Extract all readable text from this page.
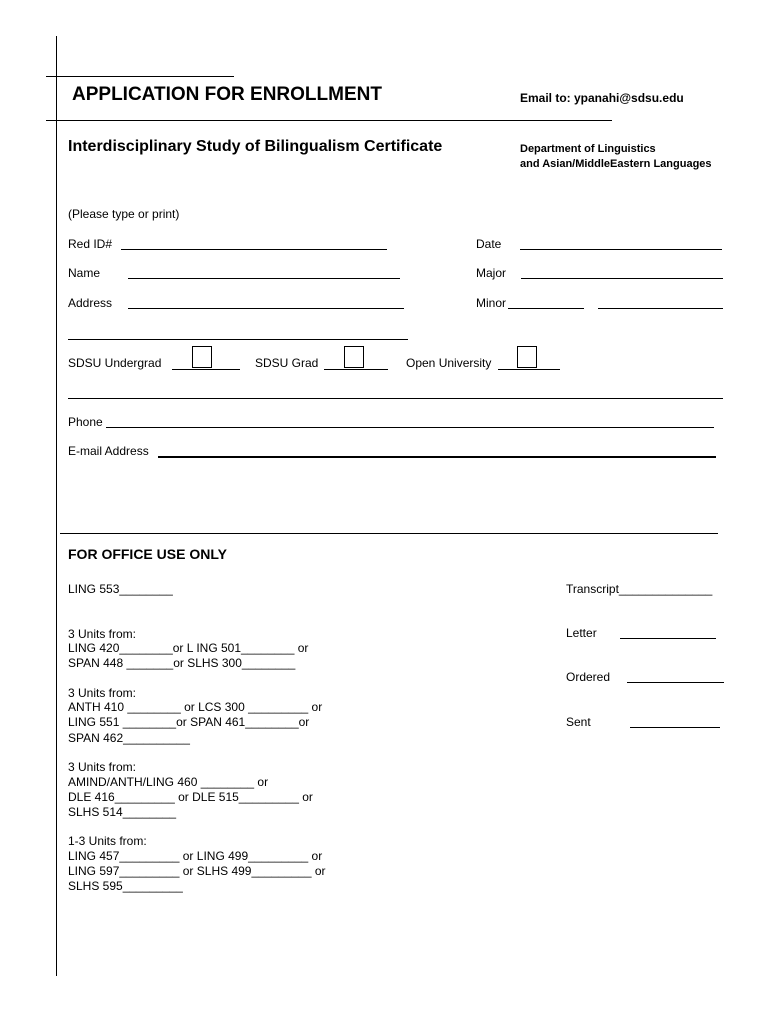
APPLICATION FOR ENROLLMENT	Email to: ypanahi@sdsu.edu
Interdisciplinary Study of Bilingualism Certificate	Department of Linguistics
and Asian/MiddleEastern Languages
(Please type or print)
Red ID#	Date
Name	Major
Address	Minor
SDSU Undergrad	SDSU Grad	Open University
Phone
E-mail Address
FOR OFFICE USE ONLY
LING 553________	Transcript______________
Letter
Ordered
Sent
3 Units from:
LING 420________or L ING 501________ or
SPAN 448 _______or SLHS 300________
3 Units from:
ANTH 410 ________ or LCS 300 _________ or
LING 551 ________or SPAN 461________or
SPAN 462__________
3 Units from:
AMIND/ANTH/LING 460 ________ or
DLE 416_________ or DLE 515_________ or
SLHS 514________
1-3 Units from:
LING 457_________ or LING 499_________ or
LING 597_________ or SLHS 499_________ or
SLHS 595_________
